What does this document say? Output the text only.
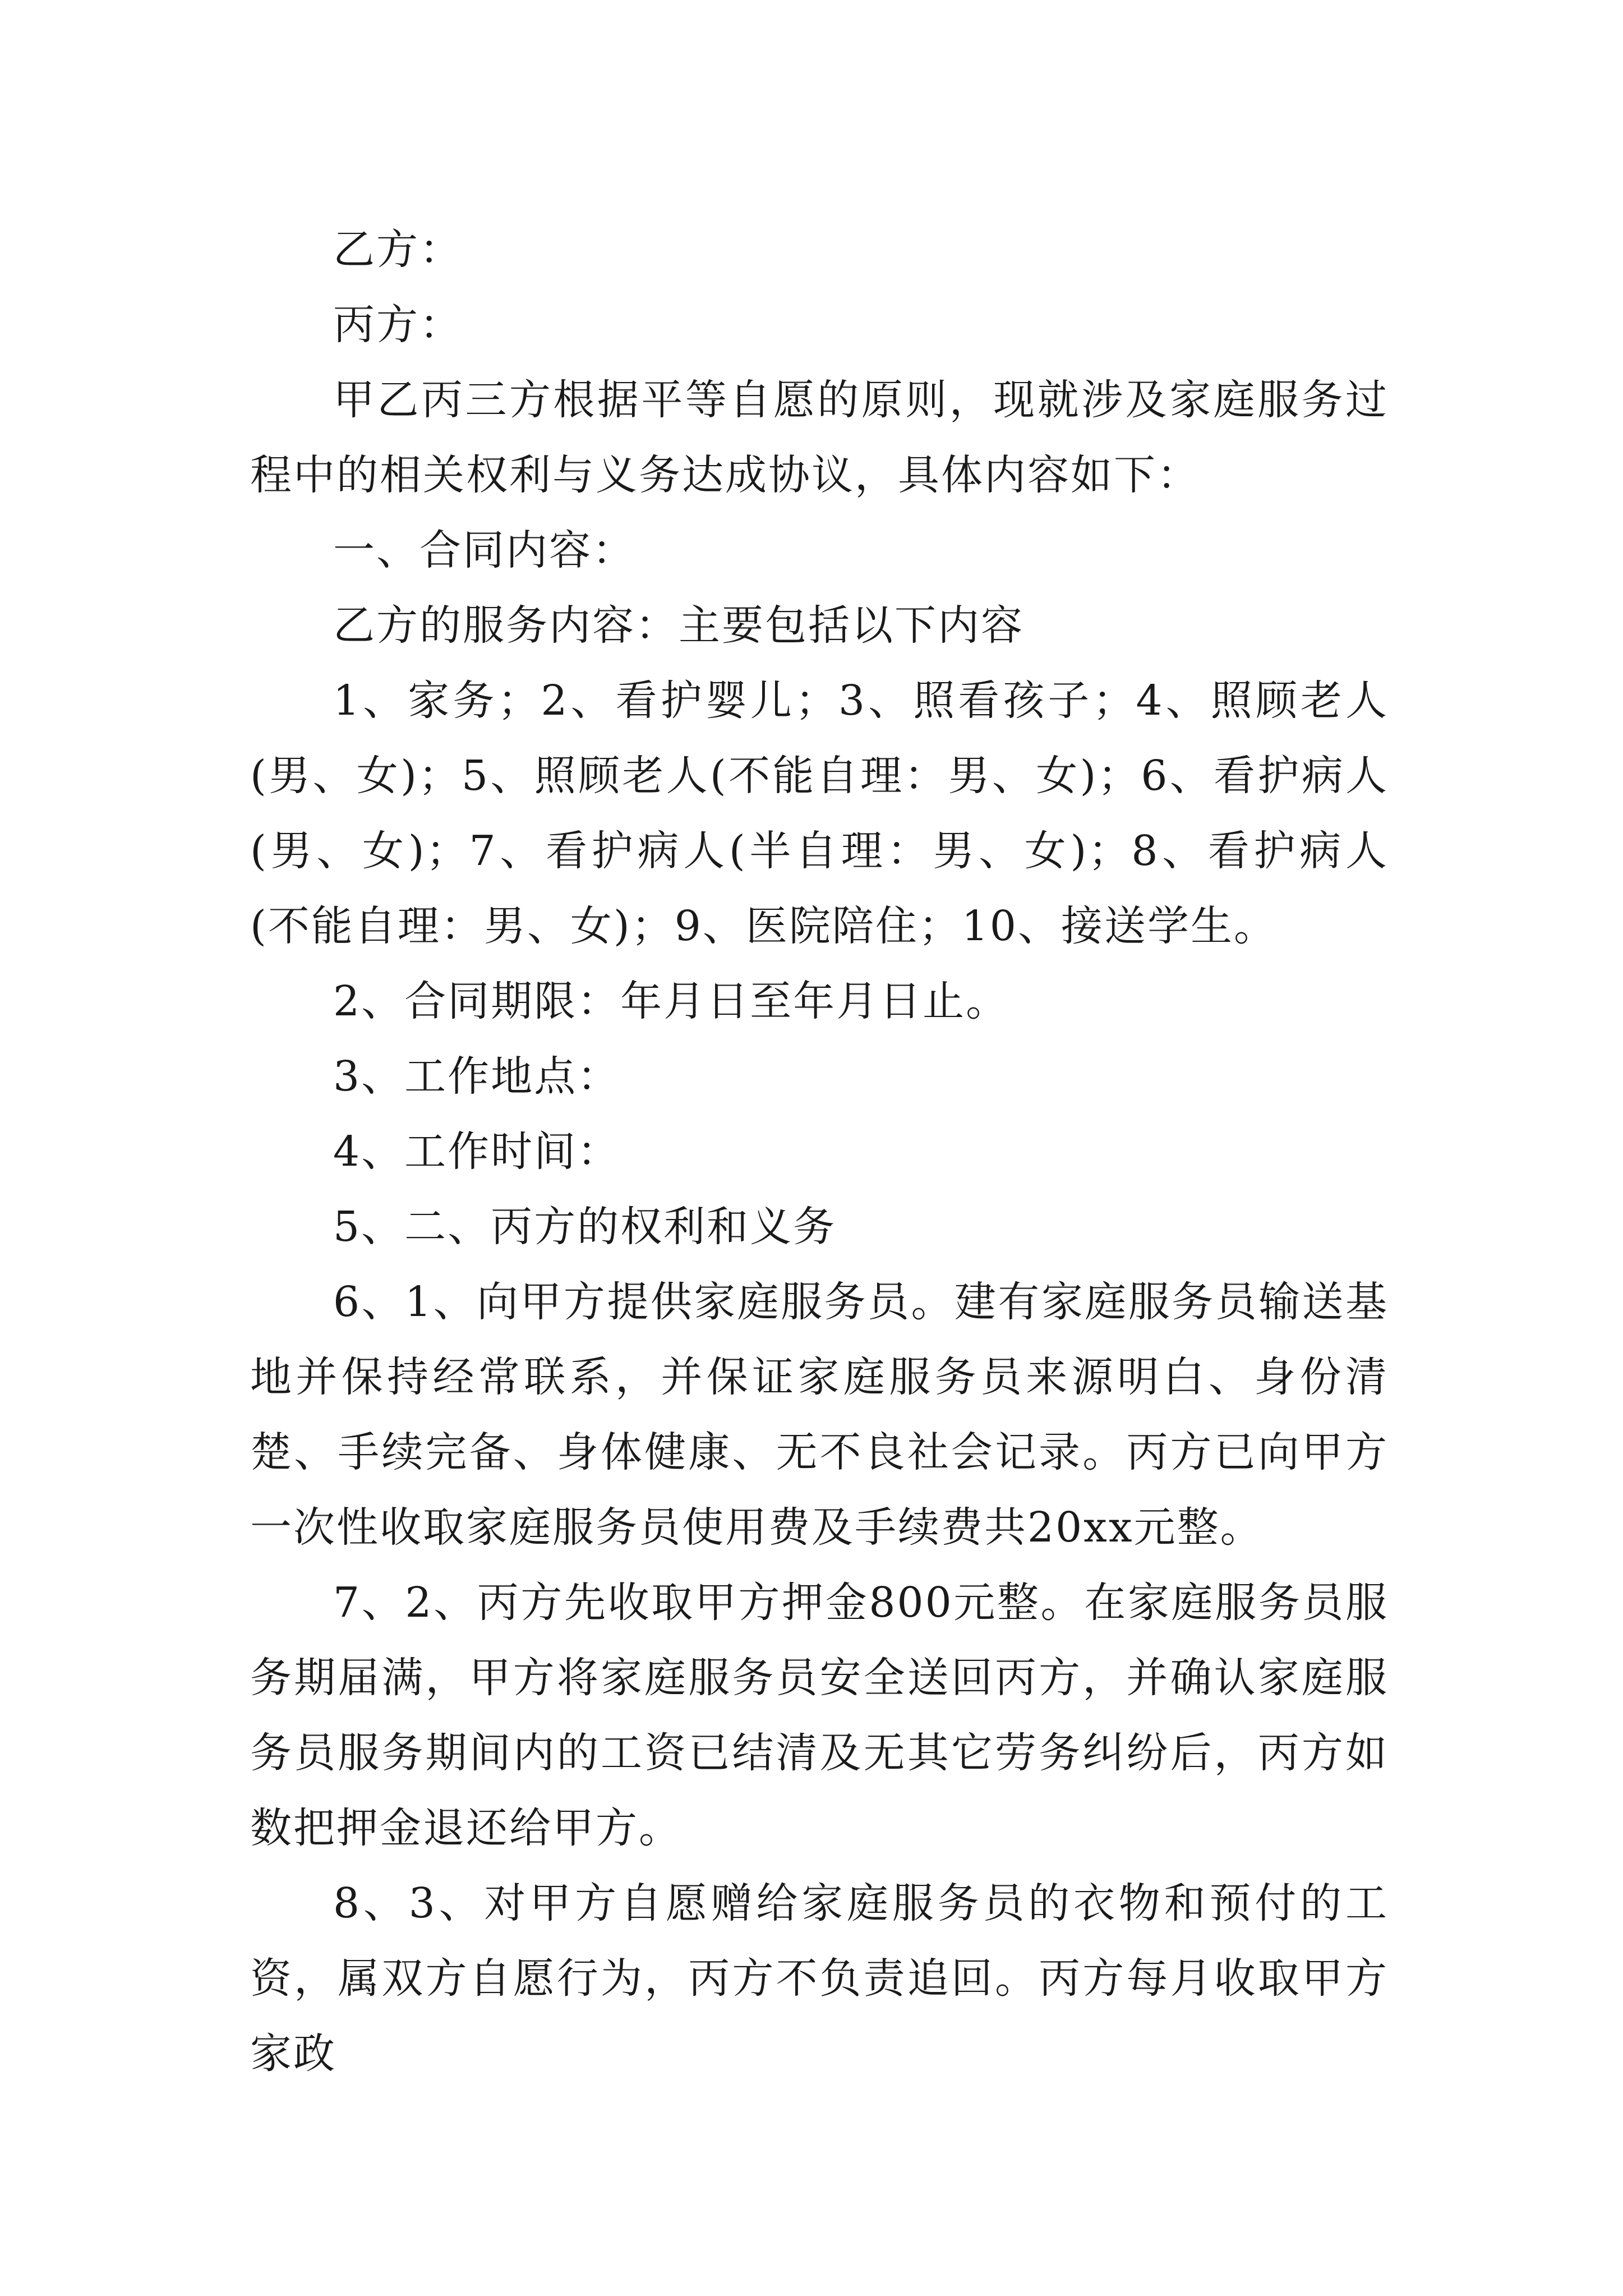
乙方：

丙方：

甲乙丙三方根据平等自愿的原则，现就涉及家庭服务过程中的相关权利与义务达成协议，具体内容如下：

一、合同内容：

乙方的服务内容：主要包括以下内容

1、家务；2、看护婴儿；3、照看孩子；4、照顾老人(男、女)；5、照顾老人(不能自理：男、女)；6、看护病人(男、女)；7、看护病人(半自理：男、女)；8、看护病人(不能自理：男、女)；9、医院陪住；10、接送学生。

2、合同期限：年月日至年月日止。

3、工作地点：

4、工作时间：

5、二、丙方的权利和义务

6、1、向甲方提供家庭服务员。建有家庭服务员输送基地并保持经常联系，并保证家庭服务员来源明白、身份清楚、手续完备、身体健康、无不良社会记录。丙方已向甲方一次性收取家庭服务员使用费及手续费共20xx元整。

7、2、丙方先收取甲方押金800元整。在家庭服务员服务期届满，甲方将家庭服务员安全送回丙方，并确认家庭服务员服务期间内的工资已结清及无其它劳务纠纷后，丙方如数把押金退还给甲方。

8、3、对甲方自愿赠给家庭服务员的衣物和预付的工资，属双方自愿行为，丙方不负责追回。丙方每月收取甲方家政
